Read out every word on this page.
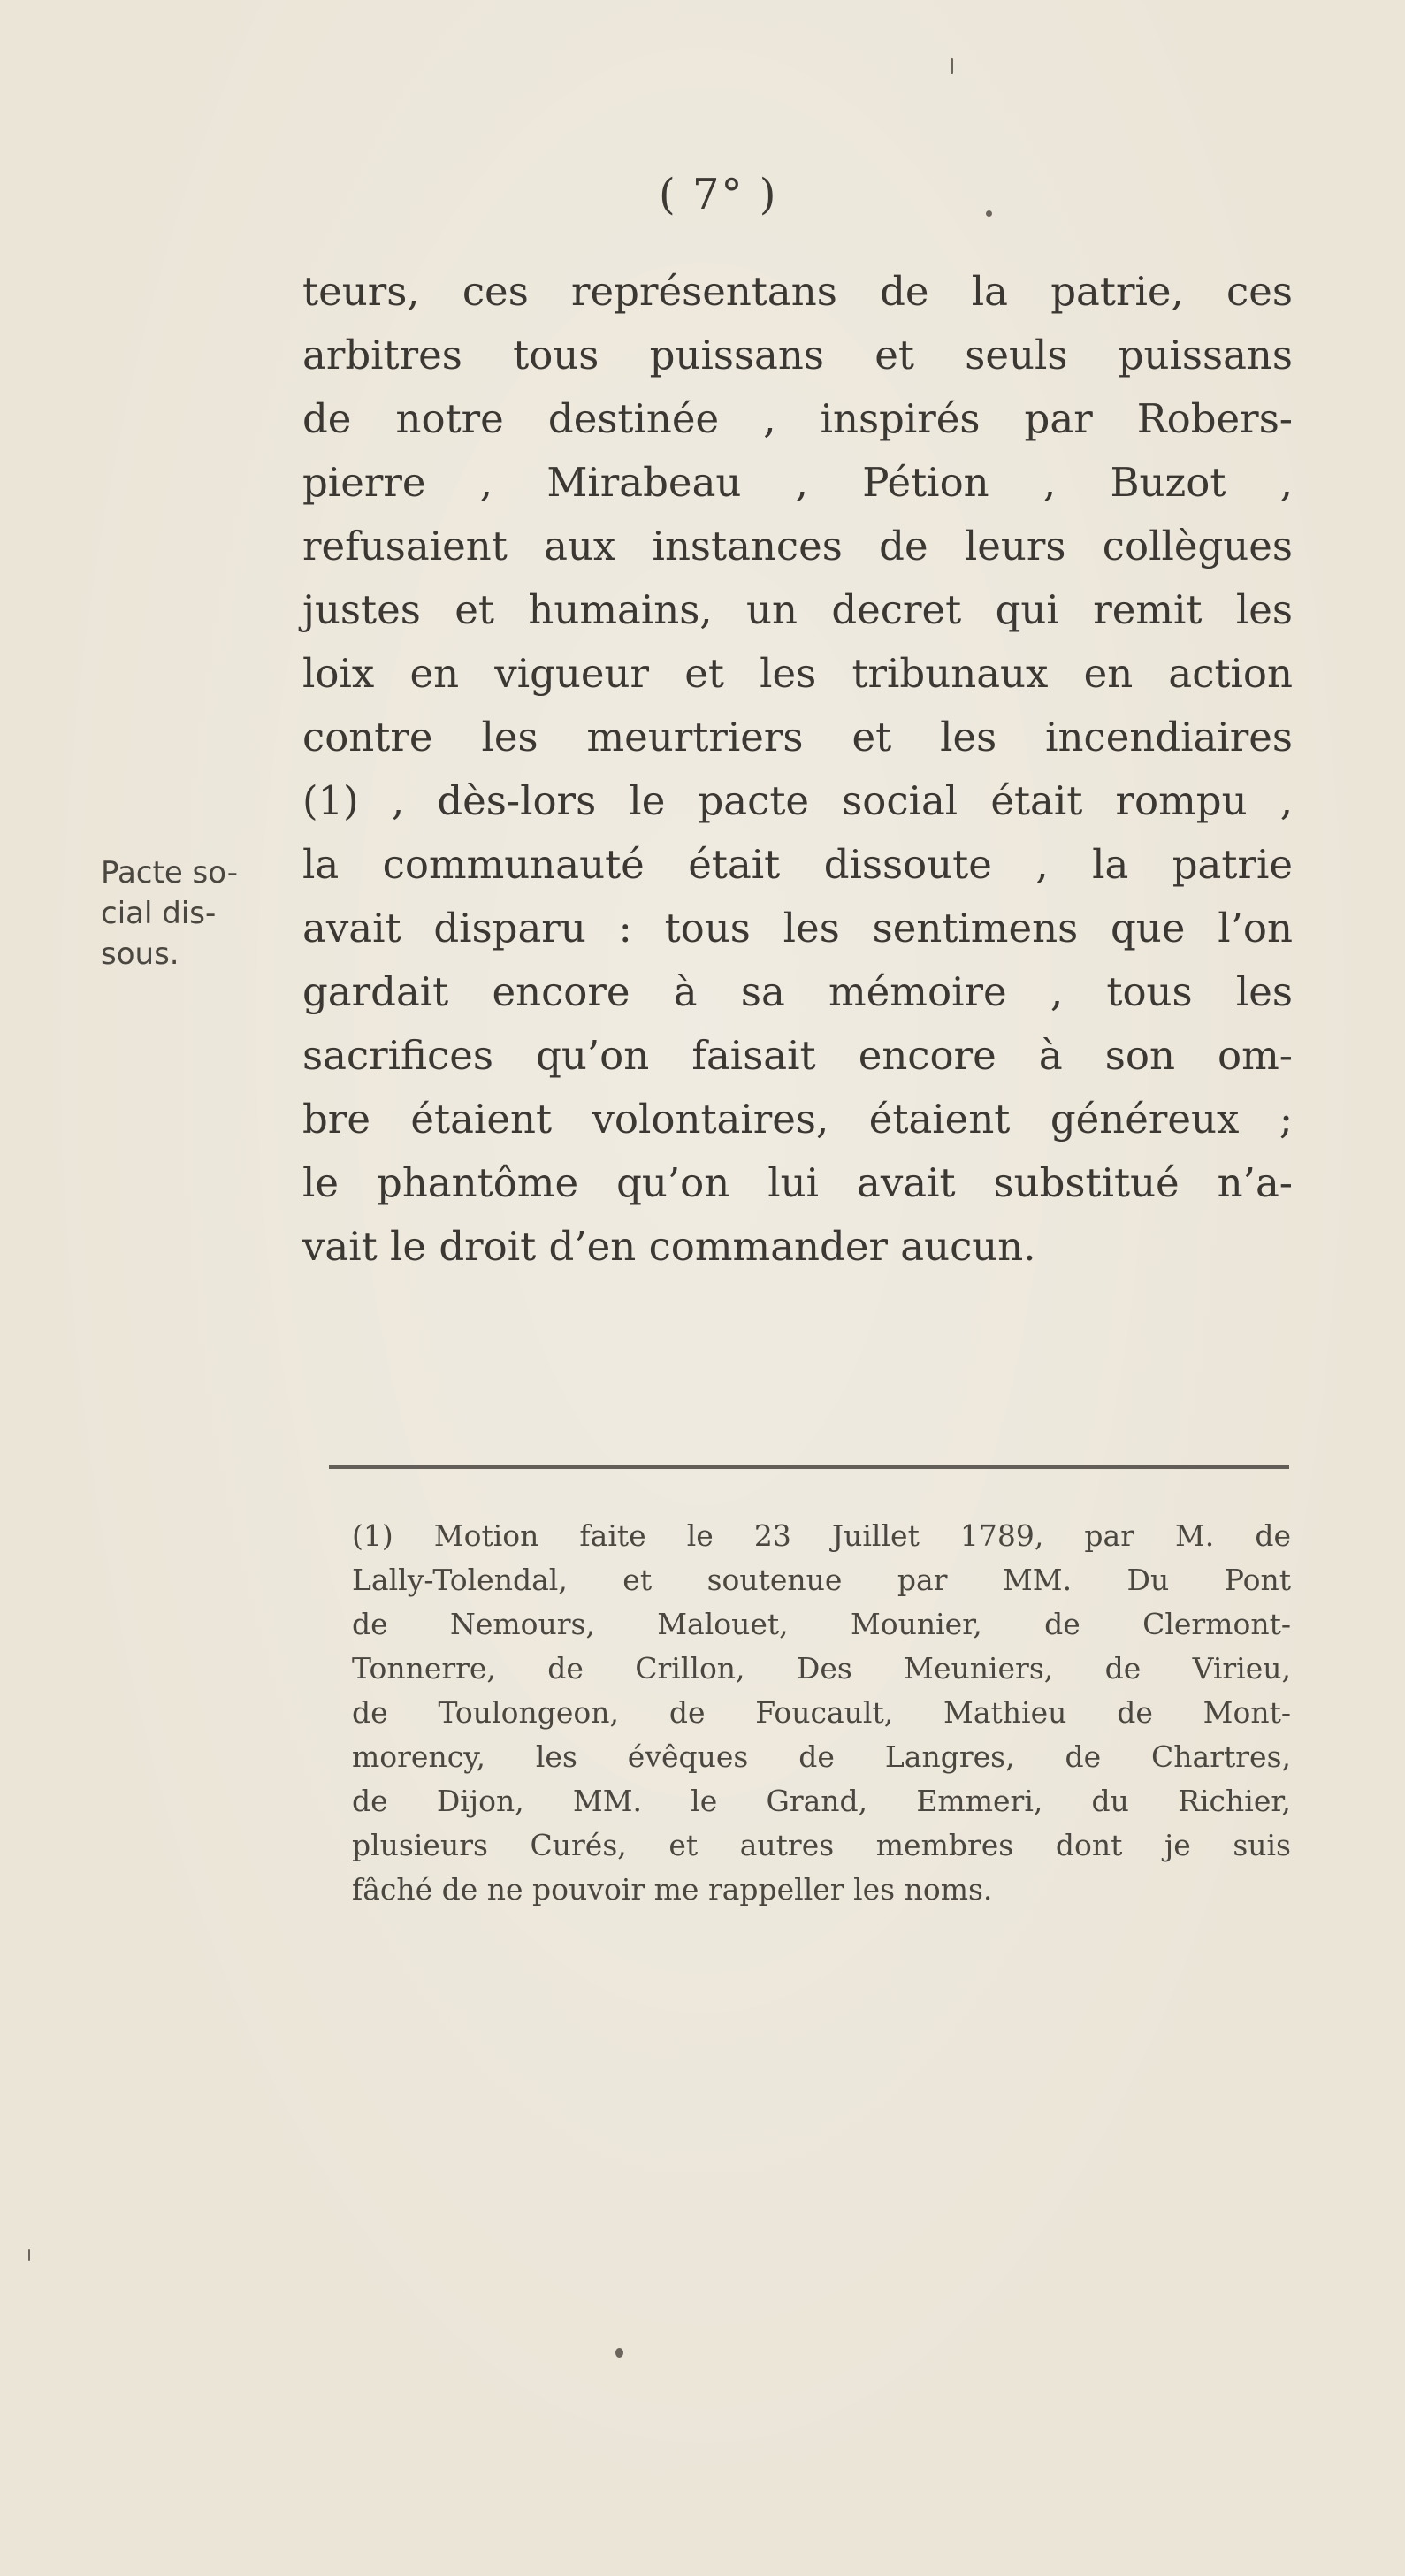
( 7° )
teurs, ces représentans de la patrie, ces
arbitres tous puissans et seuls puissans
de notre destinée , inspirés par Robers-
pierre , Mirabeau , Pétion , Buzot ,
refusaient aux instances de leurs collègues
justes et humains, un decret qui remit les
loix en vigueur et les tribunaux en action
contre les meurtriers et les incendiaires
(1) , dès-lors le pacte social était rompu ,
la communauté était dissoute , la patrie
avait disparu : tous les sentimens que l’on
gardait encore à sa mémoire , tous les
sacrifices qu’on faisait encore à son om-
bre étaient volontaires, étaient généreux ;
le phantôme qu’on lui avait substitué n’a-
vait le droit d’en commander aucun.
Pacte so-
cial dis-
sous.
(1) Motion faite le 23 Juillet 1789, par M. de
Lally-Tolendal, et soutenue par MM. Du Pont
de Nemours, Malouet, Mounier, de Clermont-
Tonnerre, de Crillon, Des Meuniers, de Virieu,
de Toulongeon, de Foucault, Mathieu de Mont-
morency, les évêques de Langres, de Chartres,
de Dijon, MM. le Grand, Emmeri, du Richier,
plusieurs Curés, et autres membres dont je suis
fâché de ne pouvoir me rappeller les noms.
